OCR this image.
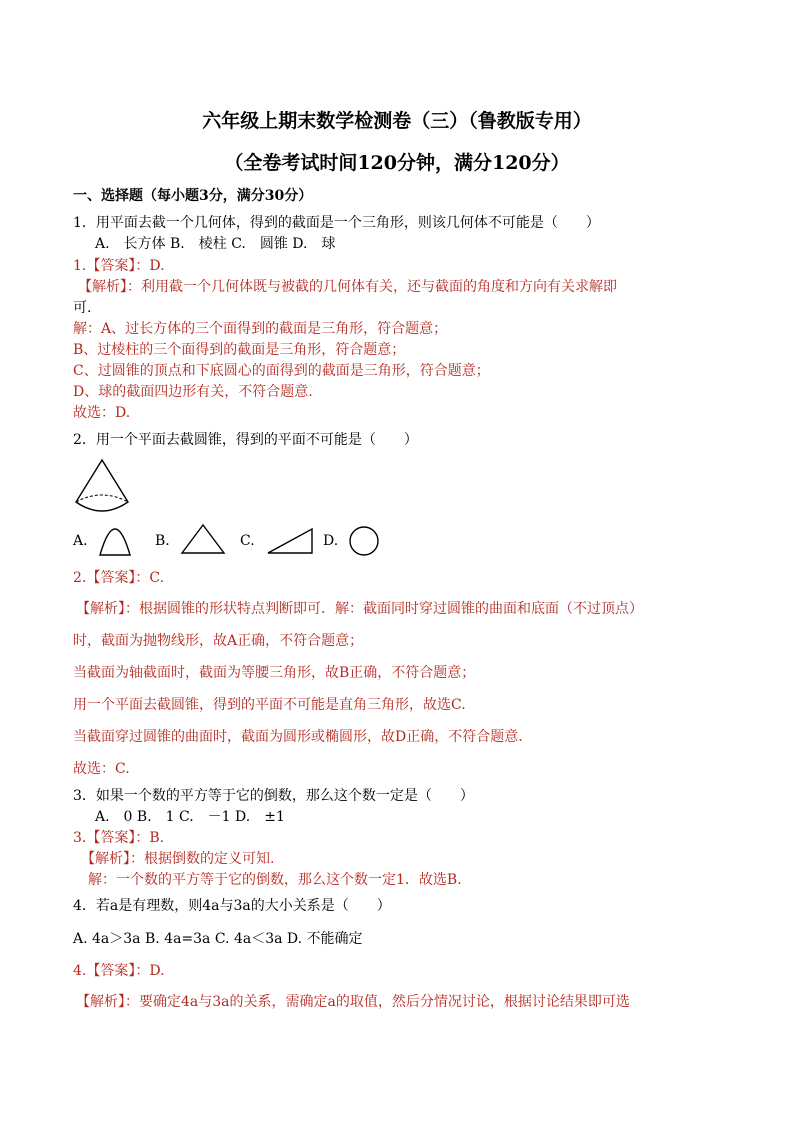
六年级上期末数学检测卷（三）（鲁教版专用）
（全卷考试时间120分钟，满分120分）
一、选择题（每小题3分，满分30分）
1．用平面去截一个几何体，得到的截面是一个三角形，则该几何体不可能是（　　）
A.　长方体 B.　棱柱 C.　圆锥 D.　球
1.【答案】：D.
【解析】：利用截一个几何体既与被截的几何体有关，还与截面的角度和方向有关求解即
可.
解：A、过长方体的三个面得到的截面是三角形，符合题意；
B、过棱柱的三个面得到的截面是三角形，符合题意；
C、过圆锥的顶点和下底圆心的面得到的截面是三角形，符合题意；
D、球的截面四边形有关，不符合题意.
故选：D.
2．用一个平面去截圆锥，得到的平面不可能是（　　）
A.	B.	C.	D.
2.【答案】：C.
【解析】：根据圆锥的形状特点判断即可．解：截面同时穿过圆锥的曲面和底面（不过顶点）
时，截面为抛物线形，故A正确，不符合题意；
当截面为轴截面时，截面为等腰三角形，故B正确，不符合题意；
用一个平面去截圆锥，得到的平面不可能是直角三角形，故选C.
当截面穿过圆锥的曲面时，截面为圆形或椭圆形，故D正确，不符合题意.
故选：C.
3．如果一个数的平方等于它的倒数，那么这个数一定是（　　）
A.　0 B.　1 C.　－1 D.　±1
3.【答案】：B.
【解析】：根据倒数的定义可知.
解：一个数的平方等于它的倒数，那么这个数一定1．故选B.
4．若a是有理数，则4a与3a的大小关系是（　　）
A. 4a＞3a B. 4a=3a C. 4a＜3a D. 不能确定
4.【答案】：D.
【解析】：要确定4a与3a的关系，需确定a的取值，然后分情况讨论，根据讨论结果即可选
